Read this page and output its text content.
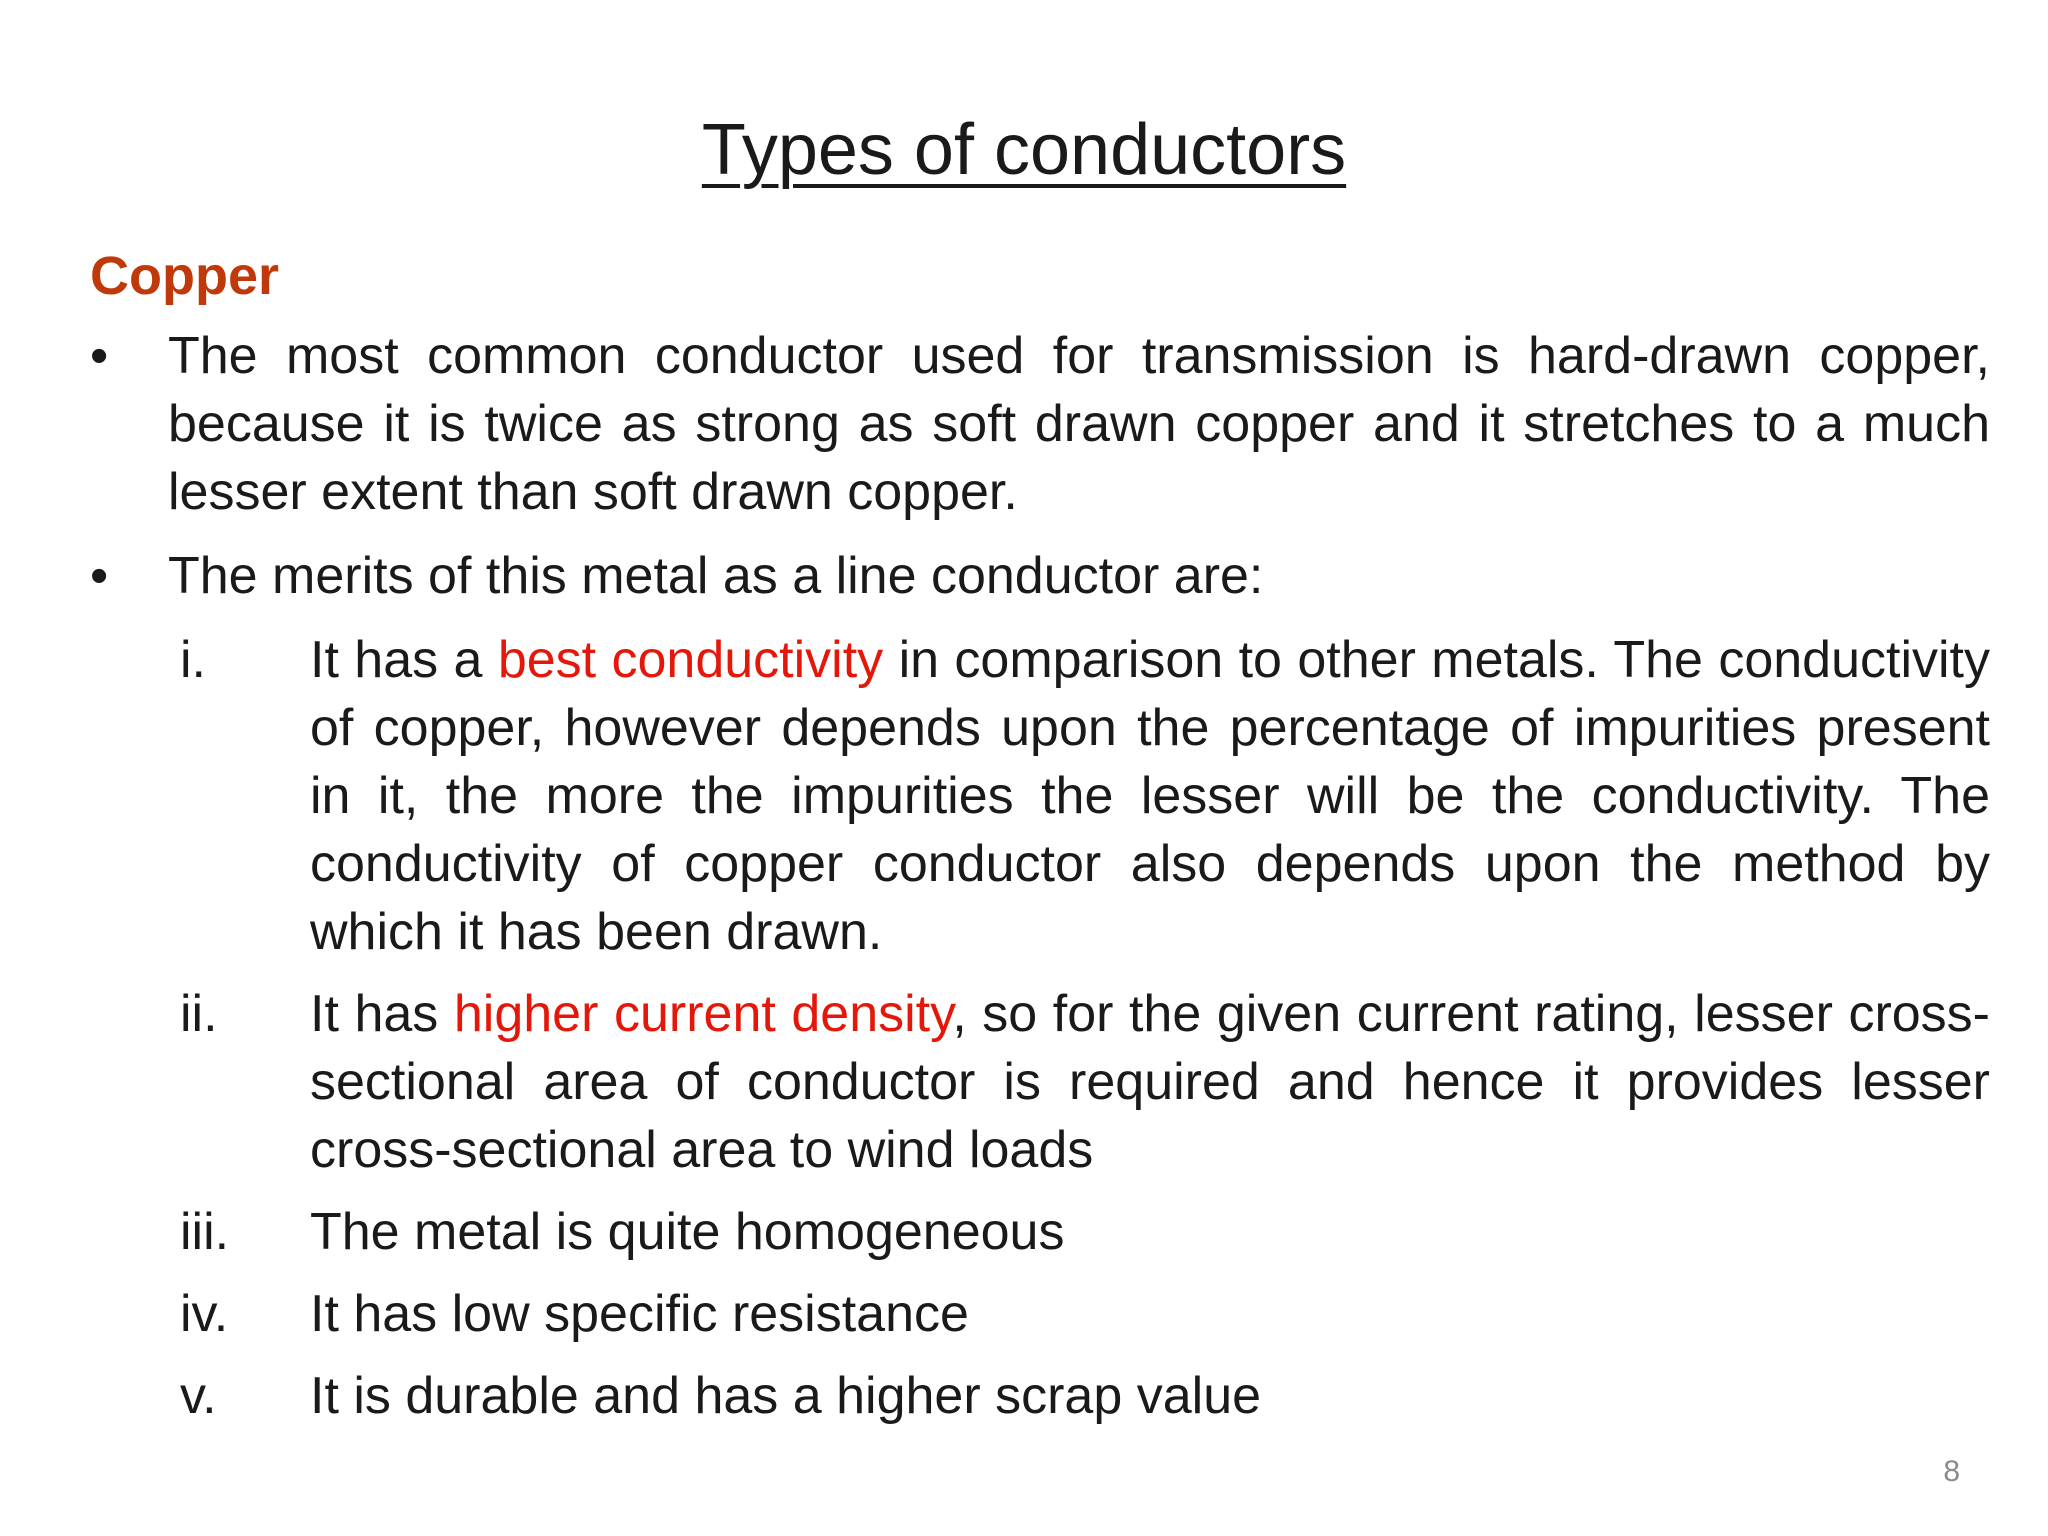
Types of conductors
Copper
•	The most common conductor used for transmission is hard-drawn copper, because it is twice as strong as soft drawn copper and it stretches to a much lesser extent than soft drawn copper.
•	The merits of this metal as a line conductor are:
i.	It has a best conductivity in comparison to other metals. The conductivity of copper, however depends upon the percentage of impurities present in it, the more the impurities the lesser will be the conductivity. The conductivity of copper conductor also depends upon the method by which it has been drawn.
ii.	It has higher current density, so for the given current rating, lesser cross-sectional area of conductor is required and hence it provides lesser cross-sectional area to wind loads
iii.	The metal is quite homogeneous
iv.	It has low specific resistance
v.	It is durable and has a higher scrap value
8
